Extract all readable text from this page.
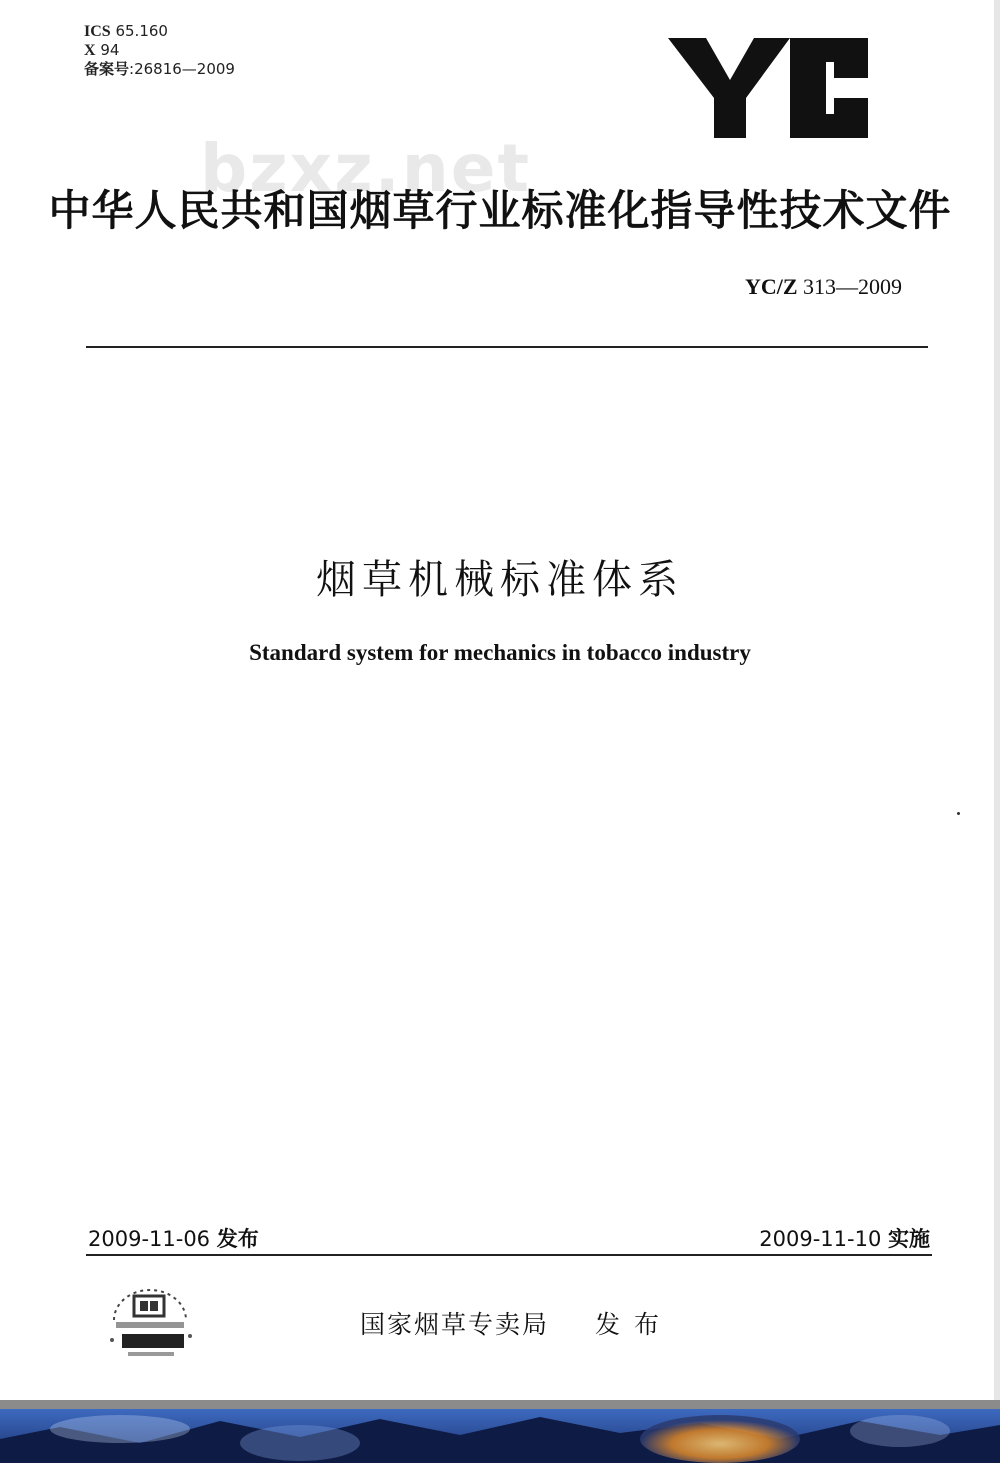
ICS 65.160
X 94
备案号:26816—2009
bzxz.net
中华人民共和国烟草行业标准化指导性技术文件
YC/Z 313—2009
烟草机械标准体系
Standard system for mechanics in tobacco industry
2009-11-06 发布	2009-11-10 实施
国家烟草专卖局 发布
